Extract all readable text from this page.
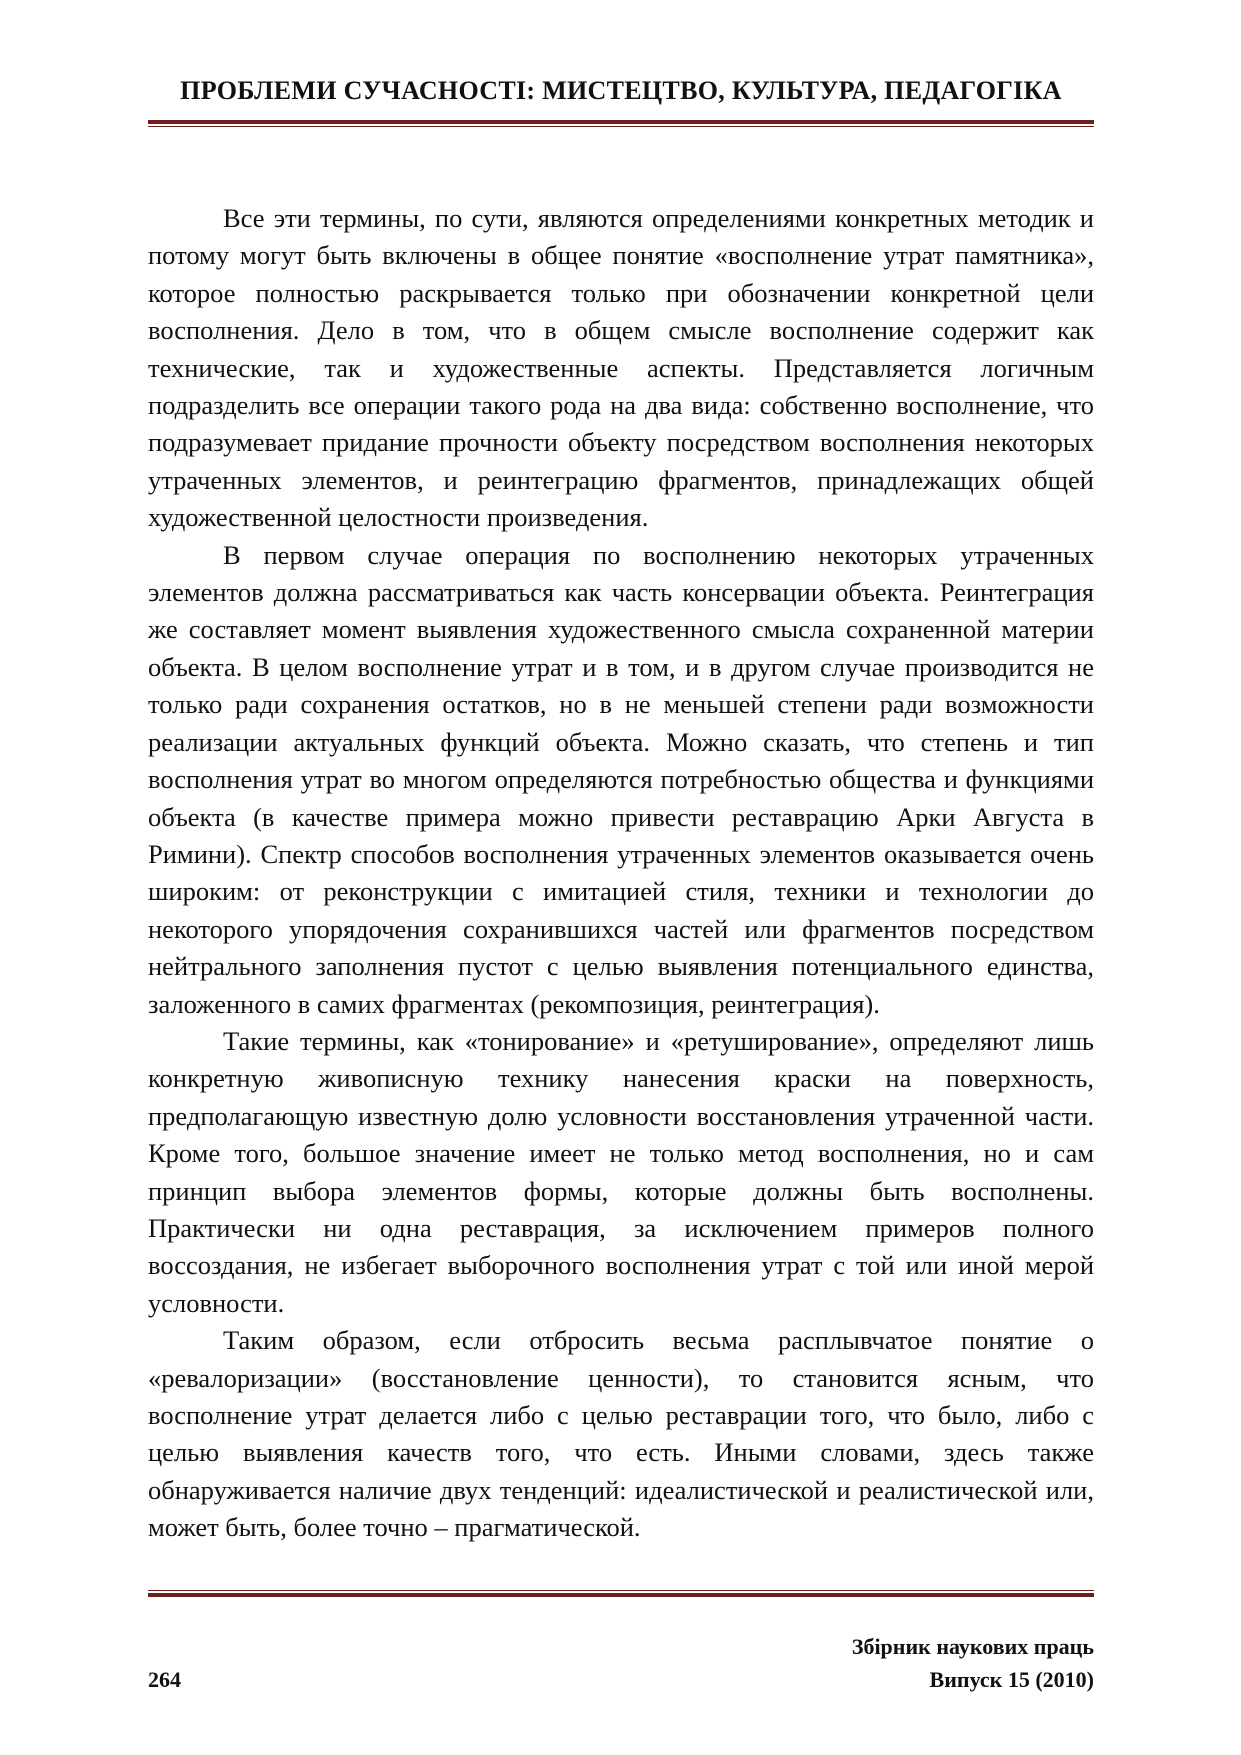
ПРОБЛЕМИ СУЧАСНОСТІ: МИСТЕЦТВО, КУЛЬТУРА, ПЕДАГОГІКА

Все эти термины, по сути, являются определениями конкретных методик и потому могут быть включены в общее понятие «восполнение утрат памятника», которое полностью раскрывается только при обозначении конкретной цели восполнения. Дело в том, что в общем смысле восполнение содержит как технические, так и художественные аспекты. Представляется логичным подразделить все операции такого рода на два вида: собственно восполнение, что подразумевает придание прочности объекту посредством восполнения некоторых утраченных элементов, и реинтеграцию фрагментов, принадлежащих общей художественной целостности произведения.

В первом случае операция по восполнению некоторых утраченных элементов должна рассматриваться как часть консервации объекта. Реинтеграция же составляет момент выявления художественного смысла сохраненной материи объекта. В целом восполнение утрат и в том, и в другом случае производится не только ради сохранения остатков, но в не меньшей степени ради возможности реализации актуальных функций объекта. Можно сказать, что степень и тип восполнения утрат во многом определяются потребностью общества и функциями объекта (в качестве примера можно привести реставрацию Арки Августа в Римини). Спектр способов восполнения утраченных элементов оказывается очень широким: от реконструкции с имитацией стиля, техники и технологии до некоторого упорядочения сохранившихся частей или фрагментов посредством нейтрального заполнения пустот с целью выявления потенциального единства, заложенного в самих фрагментах (рекомпозиция, реинтеграция).

Такие термины, как «тонирование» и «ретуширование», определяют лишь конкретную живописную технику нанесения краски на поверхность, предполагающую известную долю условности восстановления утраченной части. Кроме того, большое значение имеет не только метод восполнения, но и сам принцип выбора элементов формы, которые должны быть восполнены. Практически ни одна реставрация, за исключением примеров полного воссоздания, не избегает выборочного восполнения утрат с той или иной мерой условности.

Таким образом, если отбросить весьма расплывчатое понятие о «ревалоризации» (восстановление ценности), то становится ясным, что восполнение утрат делается либо с целью реставрации того, что было, либо с целью выявления качеств того, что есть. Иными словами, здесь также обнаруживается наличие двух тенденций: идеалистической и реалистической или, может быть, более точно – прагматической.

Збірник наукових праць
Випуск 15 (2010)
264
